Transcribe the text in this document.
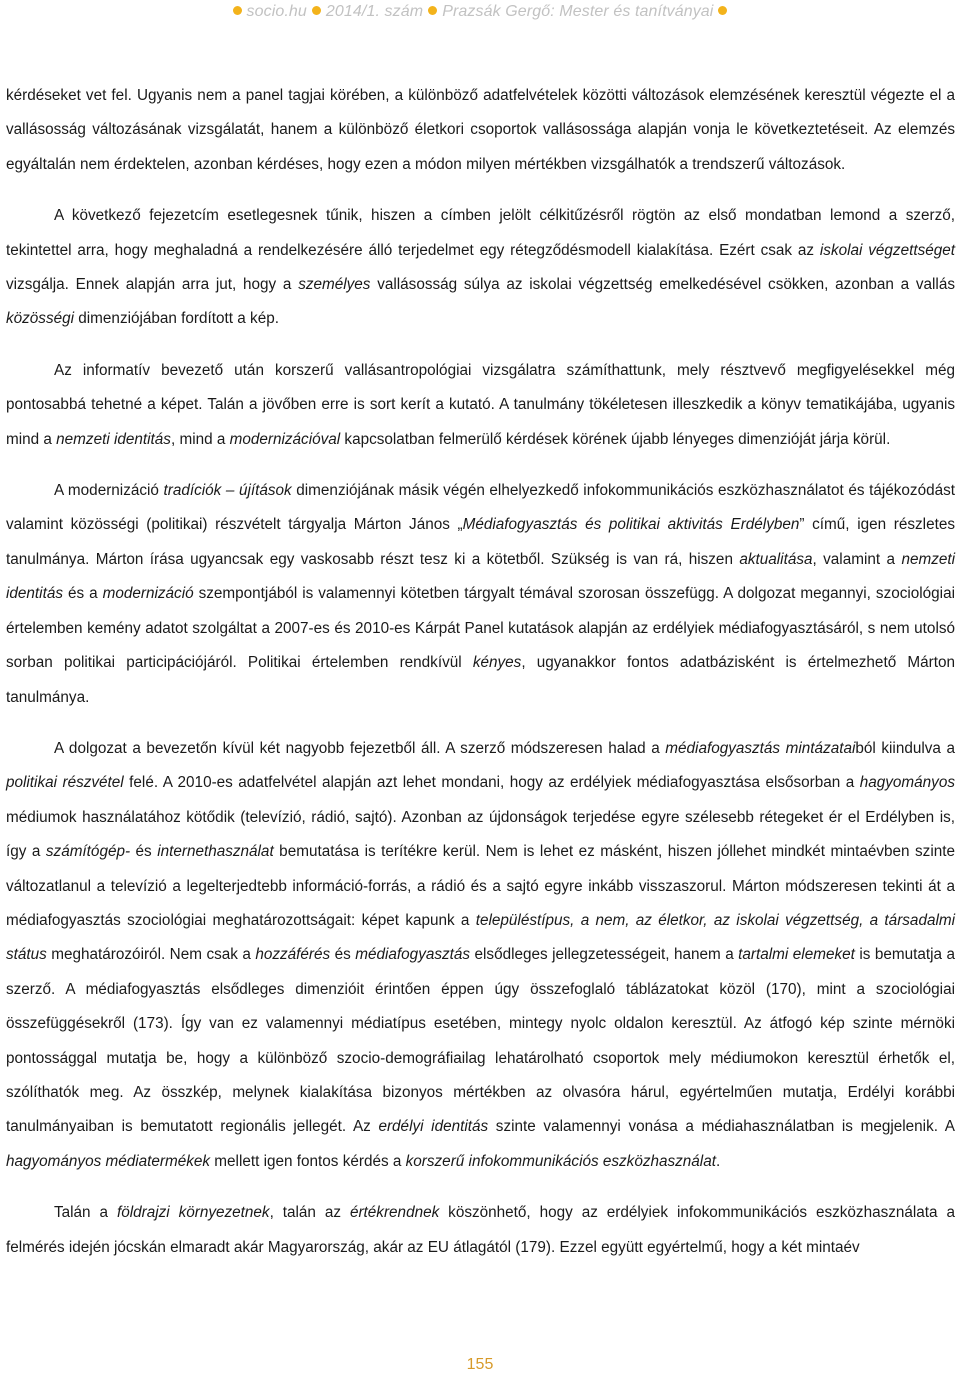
socio.hu 2014/1. szám Prazsák Gergő: Mester és tanítványai

kérdéseket vet fel. Ugyanis nem a panel tagjai körében, a különböző adatfelvételek közötti változások elemzésének keresztül végezte el a vallásosság változásának vizsgálatát, hanem a különböző életkori csoportok vallásossága alapján vonja le következtetéseit. Az elemzés egyáltalán nem érdektelen, azonban kérdéses, hogy ezen a módon milyen mértékben vizsgálhatók a trendszerű változások.

A következő fejezetcím esetlegesnek tűnik, hiszen a címben jelölt célkitűzésről rögtön az első mondatban lemond a szerző, tekintettel arra, hogy meghaladná a rendelkezésére álló terjedelmet egy rétegződésmodell kialakítása. Ezért csak az iskolai végzettséget vizsgálja. Ennek alapján arra jut, hogy a személyes vallásosság súlya az iskolai végzettség emelkedésével csökken, azonban a vallás közösségi dimenziójában fordított a kép.

Az informatív bevezető után korszerű vallásantropológiai vizsgálatra számíthattunk, mely résztvevő megfigyelésekkel még pontosabbá tehetné a képet. Talán a jövőben erre is sort kerít a kutató. A tanulmány tökéletesen illeszkedik a könyv tematikájába, ugyanis mind a nemzeti identitás, mind a modernizációval kapcsolatban felmerülő kérdések körének újabb lényeges dimenzióját járja körül.

A modernizáció tradíciók – újítások dimenziójának másik végén elhelyezkedő infokommunikációs eszközhasználatot és tájékozódást valamint közösségi (politikai) részvételt tárgyalja Márton János „Médiafogyasztás és politikai aktivitás Erdélyben” című, igen részletes tanulmánya. Márton írása ugyancsak egy vaskosabb részt tesz ki a kötetből. Szükség is van rá, hiszen aktualitása, valamint a nemzeti identitás és a modernizáció szempontjából is valamennyi kötetben tárgyalt témával szorosan összefügg. A dolgozat megannyi, szociológiai értelemben kemény adatot szolgáltat a 2007-es és 2010-es Kárpát Panel kutatások alapján az erdélyiek médiafogyasztásáról, s nem utolsó sorban politikai participációjáról. Politikai értelemben rendkívül kényes, ugyanakkor fontos adatbázisként is értelmezhető Márton tanulmánya.

A dolgozat a bevezetőn kívül két nagyobb fejezetből áll. A szerző módszeresen halad a médiafogyasztás mintázataiból kiindulva a politikai részvétel felé. A 2010-es adatfelvétel alapján azt lehet mondani, hogy az erdélyiek médiafogyasztása elsősorban a hagyományos médiumok használatához kötődik (televízió, rádió, sajtó). Azonban az újdonságok terjedése egyre szélesebb rétegeket ér el Erdélyben is, így a számítógép- és internethasználat bemutatása is terítékre kerül. Nem is lehet ez másként, hiszen jóllehet mindkét mintaévben szinte változatlanul a televízió a legelterjedtebb információ-forrás, a rádió és a sajtó egyre inkább visszaszorul. Márton módszeresen tekinti át a médiafogyasztás szociológiai meghatározottságait: képet kapunk a településtípus, a nem, az életkor, az iskolai végzettség, a társadalmi státus meghatározóiról. Nem csak a hozzáférés és médiafogyasztás elsődleges jellegzetességeit, hanem a tartalmi elemeket is bemutatja a szerző. A médiafogyasztás elsődleges dimenzióit érintően éppen úgy összefoglaló táblázatokat közöl (170), mint a szociológiai összefüggésekről (173). Így van ez valamennyi médiatípus esetében, mintegy nyolc oldalon keresztül. Az átfogó kép szinte mérnöki pontossággal mutatja be, hogy a különböző szocio-demográfiailag lehatárolható csoportok mely médiumokon keresztül érhetők el, szólíthatók meg. Az összkép, melynek kialakítása bizonyos mértékben az olvasóra hárul, egyértelműen mutatja, Erdélyi korábbi tanulmányaiban is bemutatott regionális jellegét. Az erdélyi identitás szinte valamennyi vonása a médiahasználatban is megjelenik. A hagyományos médiatermékek mellett igen fontos kérdés a korszerű infokommunikációs eszközhasználat.

Talán a földrajzi környezetnek, talán az értékrendnek köszönhető, hogy az erdélyiek infokommunikációs eszközhasználata a felmérés idején jócskán elmaradt akár Magyarország, akár az EU átlagától (179). Ezzel együtt egyértelmű, hogy a két mintaév

155
